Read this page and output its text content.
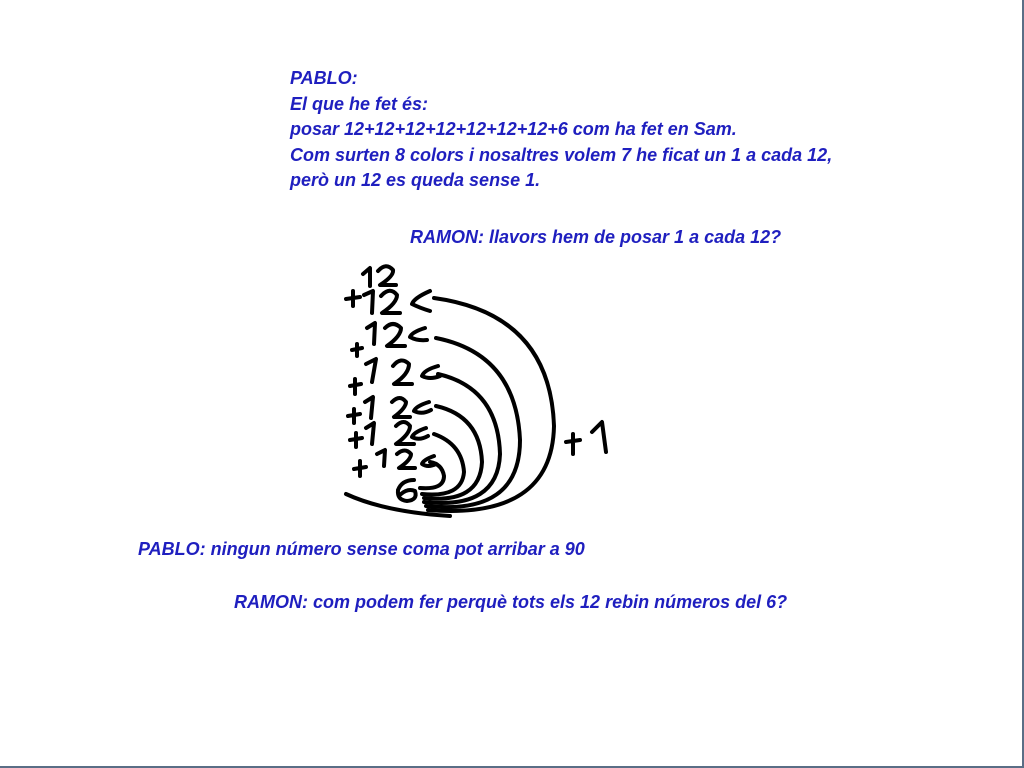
PABLO:
El que he fet és:
posar 12+12+12+12+12+12+12+6 com ha fet en Sam.
Com surten 8 colors i nosaltres volem 7 he ficat un 1 a cada 12,
però un 12 es queda sense 1.

RAMON: llavors hem de posar 1 a cada 12?

PABLO: ningun número sense coma pot arribar a 90

RAMON: com podem fer perquè tots els 12 rebin números del 6?
